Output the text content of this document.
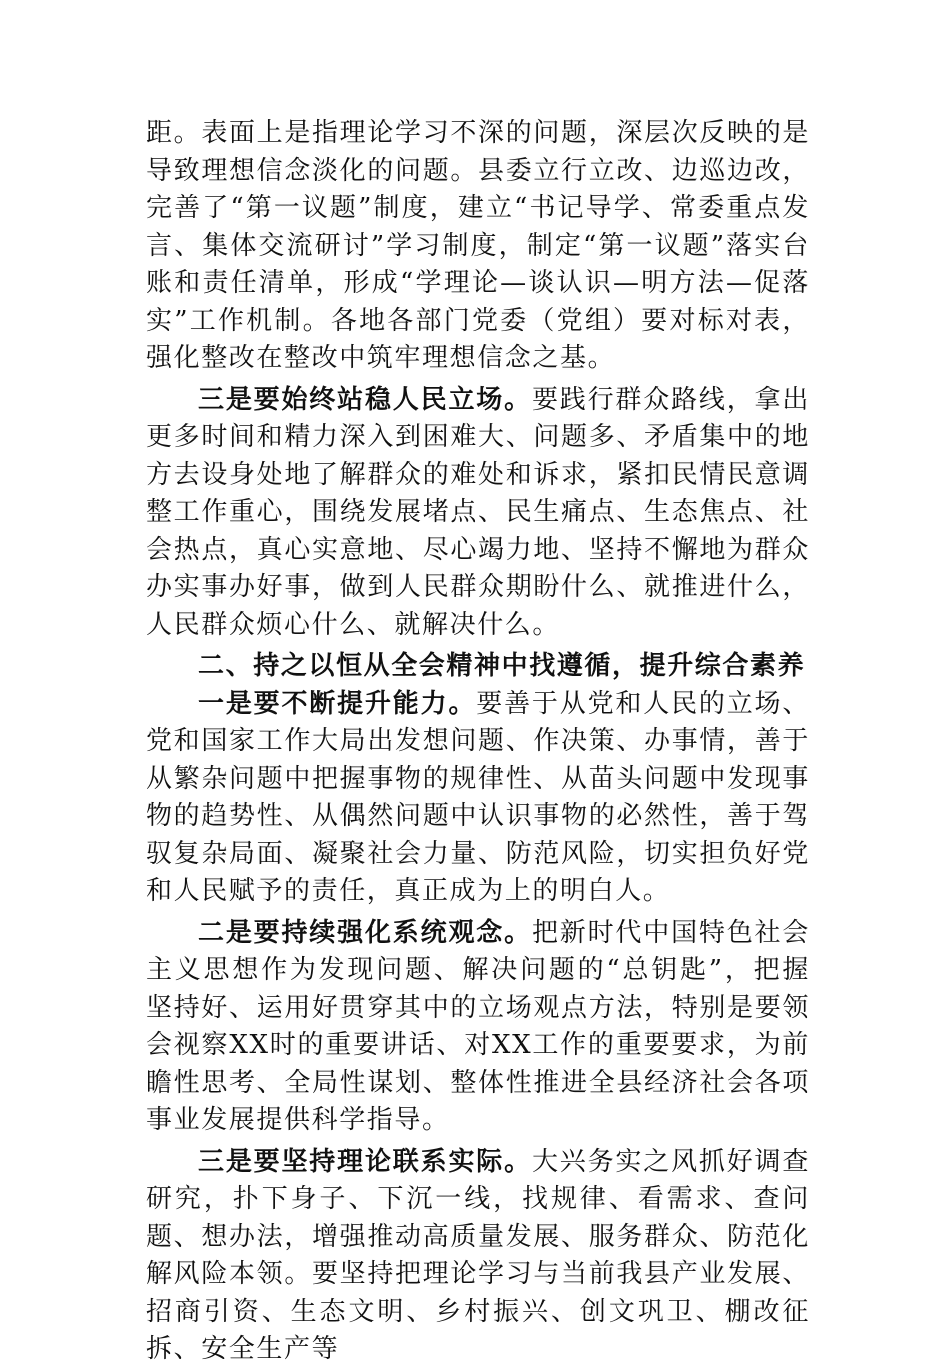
距。表面上是指理论学习不深的问题，深层次反映的是导致理想信念淡化的问题。县委立行立改、边巡边改，完善了“第一议题”制度，建立“书记导学、常委重点发言、集体交流研讨”学习制度，制定“第一议题”落实台账和责任清单，形成“学理论—谈认识—明方法—促落实”工作机制。各地各部门党委（党组）要对标对表，强化整改在整改中筑牢理想信念之基。

三是要始终站稳人民立场。要践行群众路线，拿出更多时间和精力深入到困难大、问题多、矛盾集中的地方去设身处地了解群众的难处和诉求，紧扣民情民意调整工作重心，围绕发展堵点、民生痛点、生态焦点、社会热点，真心实意地、尽心竭力地、坚持不懈地为群众办实事办好事，做到人民群众期盼什么、就推进什么，人民群众烦心什么、就解决什么。

二、持之以恒从全会精神中找遵循，提升综合素养

一是要不断提升能力。要善于从党和人民的立场、党和国家工作大局出发想问题、作决策、办事情，善于从繁杂问题中把握事物的规律性、从苗头问题中发现事物的趋势性、从偶然问题中认识事物的必然性，善于驾驭复杂局面、凝聚社会力量、防范风险，切实担负好党和人民赋予的责任，真正成为上的明白人。

二是要持续强化系统观念。把新时代中国特色社会主义思想作为发现问题、解决问题的“总钥匙”，把握坚持好、运用好贯穿其中的立场观点方法，特别是要领会视察XX时的重要讲话、对XX工作的重要要求，为前瞻性思考、全局性谋划、整体性推进全县经济社会各项事业发展提供科学指导。

三是要坚持理论联系实际。大兴务实之风抓好调查研究，扑下身子、下沉一线，找规律、看需求、查问题、想办法，增强推动高质量发展、服务群众、防范化解风险本领。要坚持把理论学习与当前我县产业发展、招商引资、生态文明、乡村振兴、创文巩卫、棚改征拆、安全生产等
